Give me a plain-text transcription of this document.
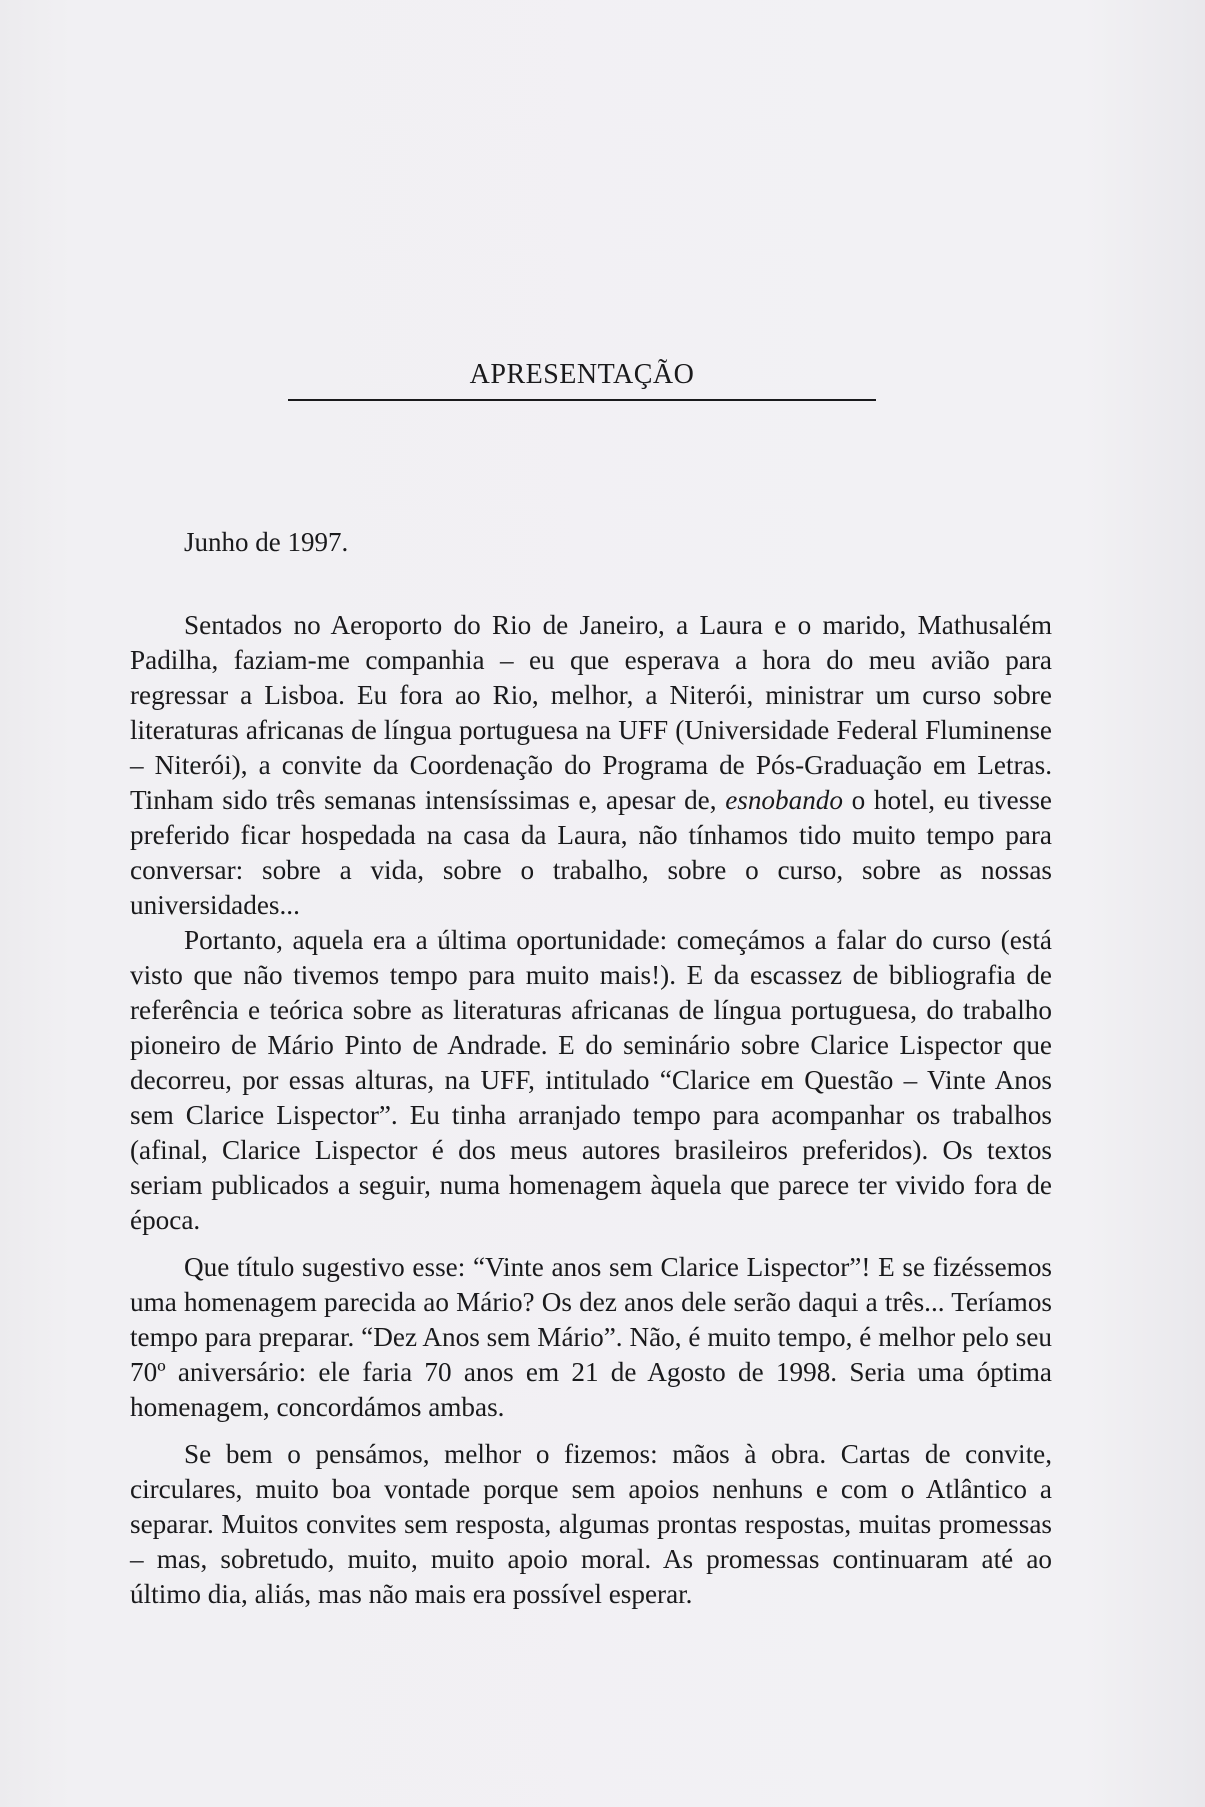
APRESENTAÇÃO

Junho de 1997.

Sentados no Aeroporto do Rio de Janeiro, a Laura e o marido, Mathusalém Padilha, faziam-me companhia – eu que esperava a hora do meu avião para regressar a Lisboa. Eu fora ao Rio, melhor, a Niterói, ministrar um curso sobre literaturas africanas de língua portuguesa na UFF (Universidade Federal Fluminense – Niterói), a convite da Coordenação do Programa de Pós-Graduação em Letras. Tinham sido três semanas intensíssimas e, apesar de, esnobando o hotel, eu tivesse preferido ficar hospedada na casa da Laura, não tínhamos tido muito tempo para conversar: sobre a vida, sobre o trabalho, sobre o curso, sobre as nossas universidades...

Portanto, aquela era a última oportunidade: começámos a falar do curso (está visto que não tivemos tempo para muito mais!). E da escassez de bibliografia de referência e teórica sobre as literaturas africanas de língua portuguesa, do trabalho pioneiro de Mário Pinto de Andrade. E do seminário sobre Clarice Lispector que decorreu, por essas alturas, na UFF, intitulado “Clarice em Questão – Vinte Anos sem Clarice Lispector”. Eu tinha arranjado tempo para acompanhar os trabalhos (afinal, Clarice Lispector é dos meus autores brasileiros preferidos). Os textos seriam publicados a seguir, numa homenagem àquela que parece ter vivido fora de época.

Que título sugestivo esse: “Vinte anos sem Clarice Lispector”! E se fizéssemos uma homenagem parecida ao Mário? Os dez anos dele serão daqui a três... Teríamos tempo para preparar. “Dez Anos sem Mário”. Não, é muito tempo, é melhor pelo seu 70º aniversário: ele faria 70 anos em 21 de Agosto de 1998. Seria uma óptima homenagem, concordámos ambas.

Se bem o pensámos, melhor o fizemos: mãos à obra. Cartas de convite, circulares, muito boa vontade porque sem apoios nenhuns e com o Atlântico a separar. Muitos convites sem resposta, algumas prontas respostas, muitas promessas – mas, sobretudo, muito, muito apoio moral. As promessas continuaram até ao último dia, aliás, mas não mais era possível esperar.
